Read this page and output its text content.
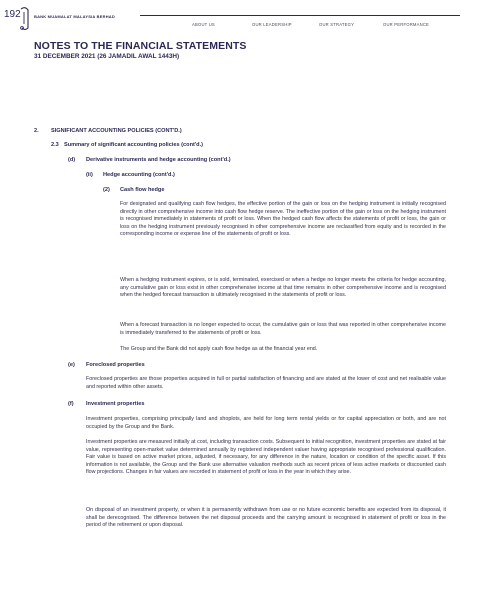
192	BANK MUAMALAT MALAYSIA BERHAD
ABOUT US	OUR LEADERSHIP	OUR STRATEGY	OUR PERFORMANCE
NOTES TO THE FINANCIAL STATEMENTS
31 DECEMBER 2021 (26 JAMADIL AWAL 1443H)
2. SIGNIFICANT ACCOUNTING POLICIES (CONT'D.)
2.3 Summary of significant accounting policies (cont'd.)
(d) Derivative instruments and hedge accounting (cont'd.)
(ii) Hedge accounting (cont'd.)
(2) Cash flow hedge
For designated and qualifying cash flow hedges, the effective portion of the gain or loss on the hedging instrument is initially recognised directly in other comprehensive income into cash flow hedge reserve. The ineffective portion of the gain or loss on the hedging instrument is recognised immediately in statements of profit or loss. When the hedged cash flow affects the statements of profit or loss, the gain or loss on the hedging instrument previously recognised in other comprehensive income are reclassified from equity and is recorded in the corresponding income or expense line of the statements of profit or loss.
When a hedging instrument expires, or is sold, terminated, exercised or when a hedge no longer meets the criteria for hedge accounting, any cumulative gain or loss exist in other comprehensive income at that time remains in other comprehensive income and is recognised when the hedged forecast transaction is ultimately recognised in the statements of profit or loss.
When a forecast transaction is no longer expected to occur, the cumulative gain or loss that was reported in other comprehensive income is immediately transferred to the statements of profit or loss.
The Group and the Bank did not apply cash flow hedge as at the financial year end.
(e) Foreclosed properties
Foreclosed properties are those properties acquired in full or partial satisfaction of financing and are stated at the lower of cost and net realisable value and reported within other assets.
(f) Investment properties
Investment properties, comprising principally land and shoplots, are held for long term rental yields or for capital appreciation or both, and are not occupied by the Group and the Bank.
Investment properties are measured initially at cost, including transaction costs. Subsequent to initial recognition, investment properties are stated at fair value, representing open-market value determined annually by registered independent valuer having appropriate recognised professional qualification. Fair value is based on active market prices, adjusted, if necessary, for any difference in the nature, location or condition of the specific asset. If this information is not available, the Group and the Bank use alternative valuation methods such as recent prices of less active markets or discounted cash flow projections. Changes in fair values are recorded in statement of profit or loss in the year in which they arise.
On disposal of an investment property, or when it is permanently withdrawn from use or no future economic benefits are expected from its disposal, it shall be derecognised. The difference between the net disposal proceeds and the carrying amount is recognised in statement of profit or loss in the period of the retirement or upon disposal.
